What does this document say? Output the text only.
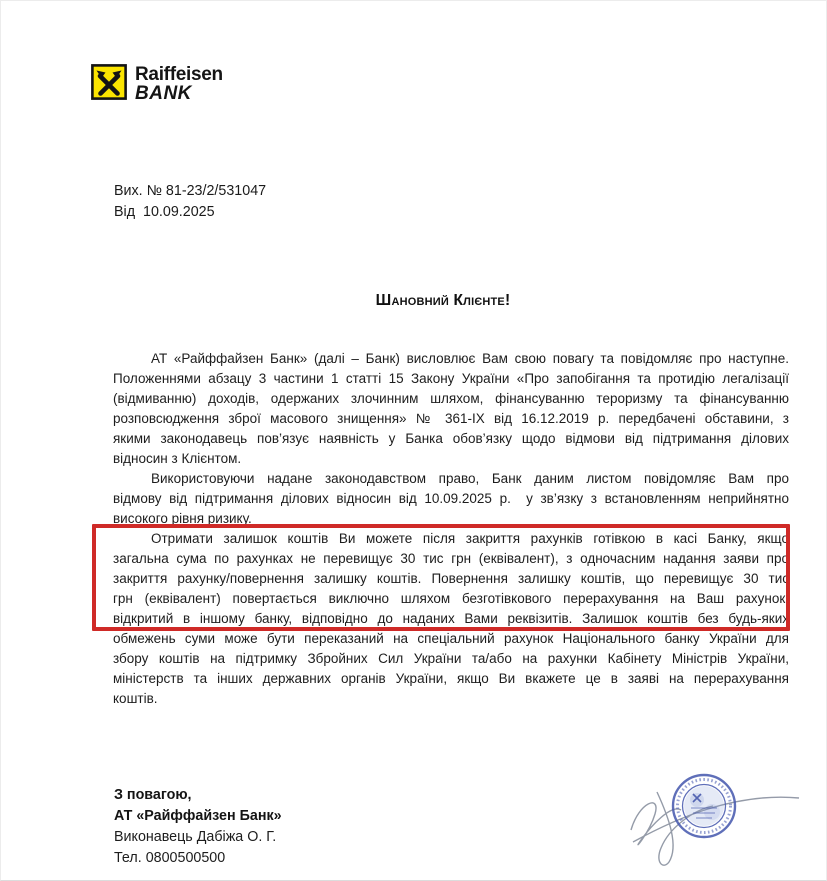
Raiffeisen
BANK
Вих. № 81-23/2/531047
Від  10.09.2025
Шановний Клієнте!
АТ «Райффайзен Банк» (далі – Банк) висловлює Вам свою повагу та повідомляє про наступне.
Положеннями абзацу 3 частини 1 статті 15 Закону України «Про запобігання та протидію легалізації
(відмиванню) доходів, одержаних злочинним шляхом, фінансуванню тероризму та фінансуванню
розповсюдження зброї масового знищення» № 361-ІХ від 16.12.2019 р. передбачені обставини, з
якими законодавець пов’язує наявність у Банка обов’язку щодо відмови від підтримання ділових
відносин з Клієнтом.
Використовуючи надане законодавством право, Банк даним листом повідомляє Вам про
відмову від підтримання ділових відносин від 10.09.2025 р.  у зв’язку з встановленням неприйнятно
високого рівня ризику.
Отримати залишок коштів Ви можете після закриття рахунків готівкою в касі Банку, якщо
загальна сума по рахунках не перевищує 30 тис грн (еквівалент), з одночасним надання заяви про
закриття рахунку/повернення залишку коштів. Повернення залишку коштів, що перевищує 30 тис
грн (еквівалент) повертається виключно шляхом безготівкового перерахування на Ваш рахунок,
відкритий в іншому банку, відповідно до наданих Вами реквізитів. Залишок коштів без будь-яких
обмежень суми може бути переказаний на спеціальний рахунок Національного банку України для
збору коштів на підтримку Збройних Сил України та/або на рахунки Кабінету Міністрів України,
міністерств та інших державних органів України, якщо Ви вкажете це в заяві на перерахування
коштів.
З повагою,
АТ «Райффайзен Банк»
Виконавець Дабіжа О. Г.
Тел. 0800500500
